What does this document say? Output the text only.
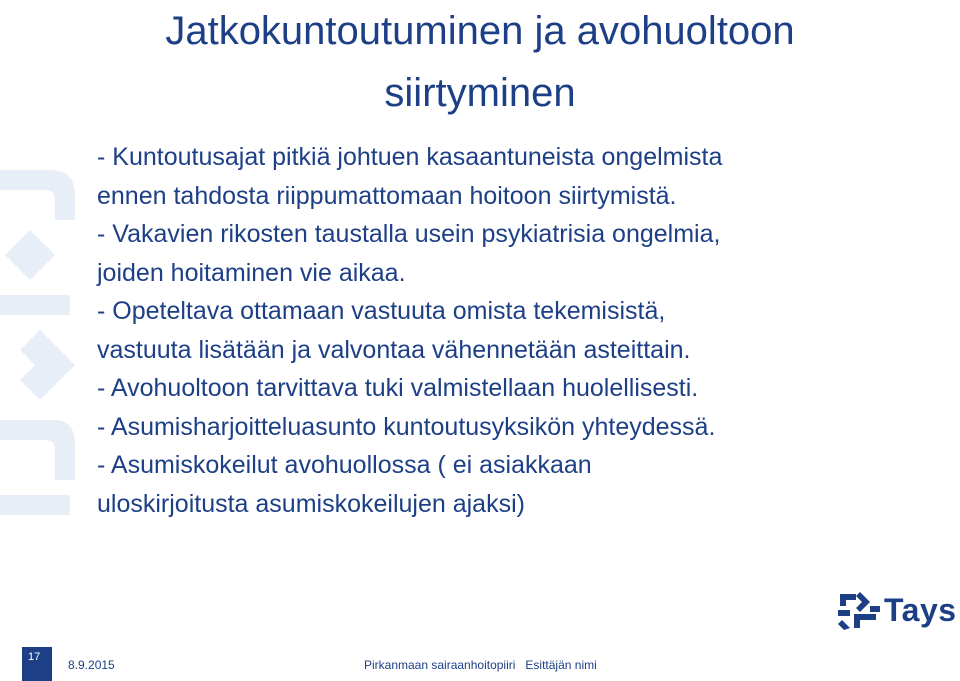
Jatkokuntoutuminen ja avohuoltoon
siirtyminen

- Kuntoutusajat pitkiä johtuen kasaantuneista ongelmista
ennen tahdosta riippumattomaan hoitoon siirtymistä.

- Vakavien rikosten taustalla usein psykiatrisia ongelmia,
joiden hoitaminen vie aikaa.

- Opeteltava ottamaan vastuuta omista tekemisistä,
vastuuta lisätään ja valvontaa vähennetään asteittain.

- Avohuoltoon tarvittava tuki valmistellaan huolellisesti.

- Asumisharjoitteluasunto kuntoutusyksikön yhteydessä.

- Asumiskokeilut avohuollossa ( ei asiakkaan
uloskirjoitusta asumiskokeilujen ajaksi)

Tays
17
8.9.2015	Pirkanmaan sairaanhoitopiiri   Esittäjän nimi
